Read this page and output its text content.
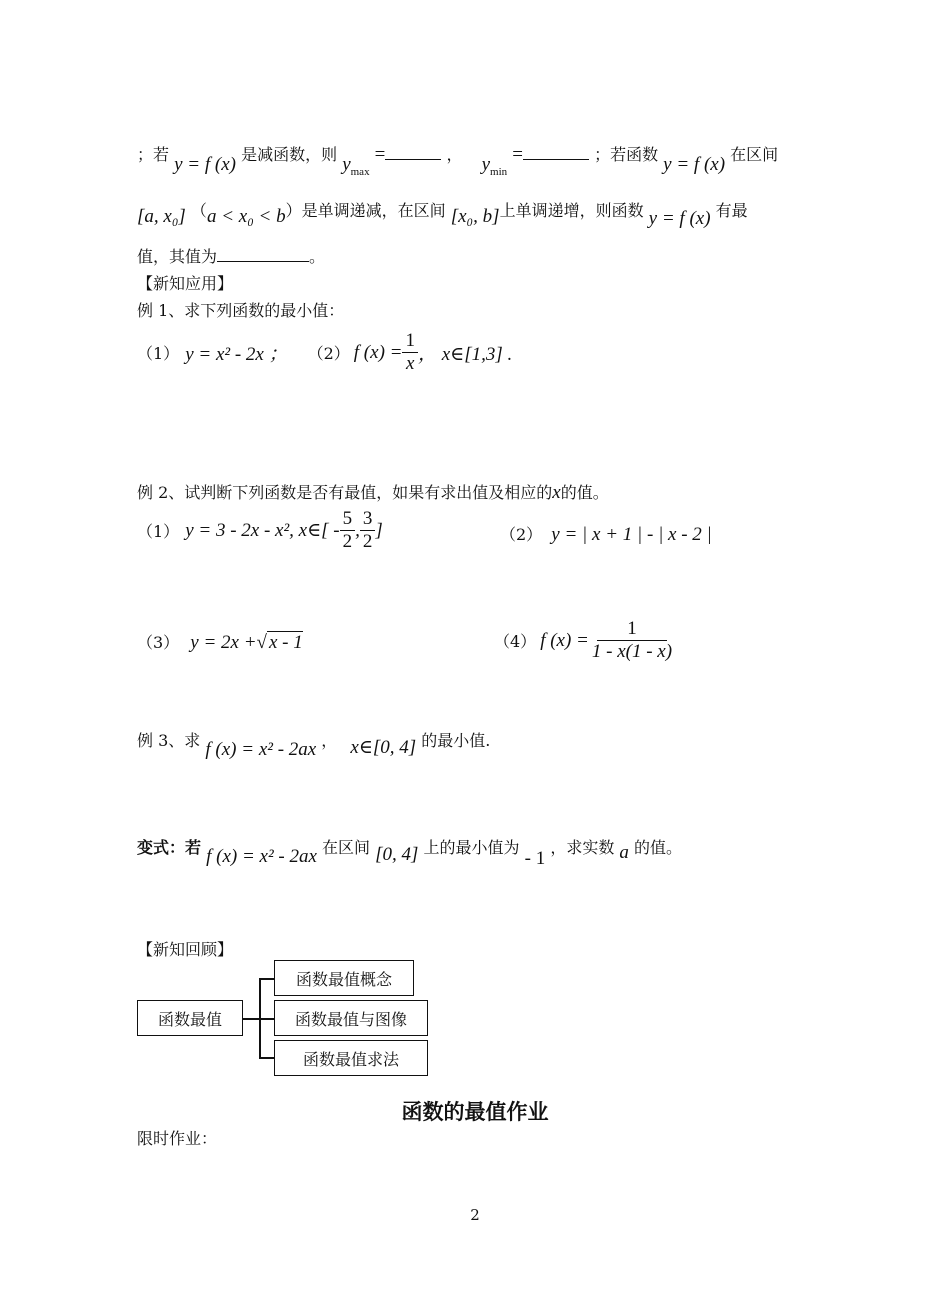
；若 y = f (x) 是减函数，则 $y_{max}$ =	， $y_{min}$ =	；若函数 y = f (x) 在区间
[a, x₀] （a < x₀ < b）是单调递减，在区间 [x₀, b]上单调递增，则函数 y = f (x) 有最
值，其值为	。
【新知应用】
例 1、求下列函数的最小值：
（1） y = x² - 2x ； （2） f $(x) = \frac{1}{x}$ ， x∈[1,3] .
例 2、试判断下列函数是否有最值，如果有求出值及相应的x的值。
（1） y = 3 - 2x - x², x∈[ - $\frac{5}{2}$ , $\frac{3}{2}$ ]	（2） y = | x + 1 | - | x - 2 |
（3） y = 2x +√ x - 1	（4） f $(x) = \frac{1}{1 - x(1 - x)}$
例 3、求 f (x) = x² - 2ax ， x∈[0, 4] 的最小值.
变式：若 f (x) = x² - 2ax 在区间 [0, 4] 上的最小值为 - 1 ，求实数 a 的值。
【新知回顾】
函数最值
函数最值概念
函数最值与图像
函数最值求法
函数的最值作业
限时作业：
2
